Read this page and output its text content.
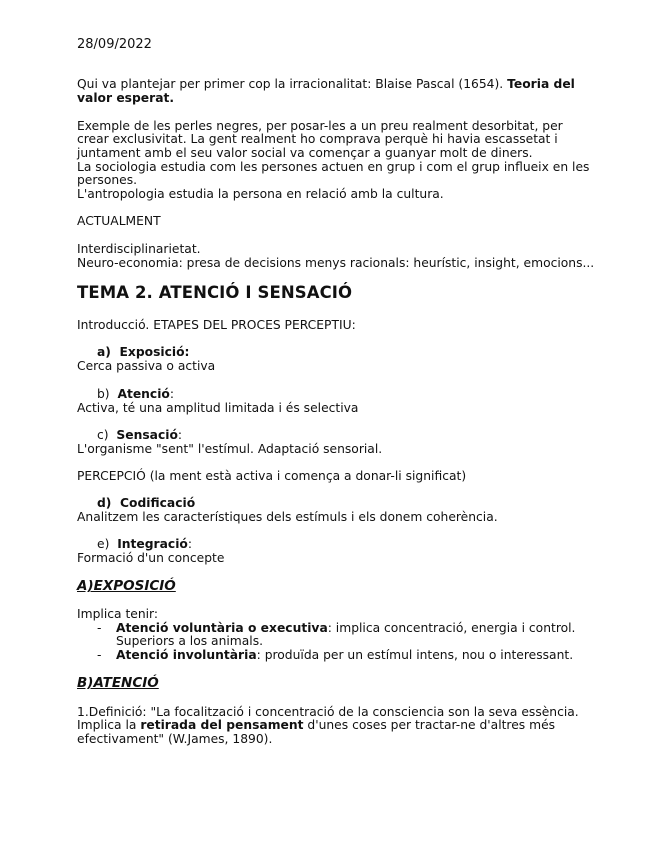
28/09/2022
Qui va plantejar per primer cop la irracionalitat: Blaise Pascal (1654). Teoria del
valor esperat.
Exemple de les perles negres, per posar-les a un preu realment desorbitat, per
crear exclusivitat. La gent realment ho comprava perquè hi havia escassetat i
juntament amb el seu valor social va començar a guanyar molt de diners.
La sociologia estudia com les persones actuen en grup i com el grup influeix en les
persones.
L'antropologia estudia la persona en relació amb la cultura.
ACTUALMENT
Interdisciplinarietat.
Neuro-economia: presa de decisions menys racionals: heurístic, insight, emocions...
TEMA 2. ATENCIÓ I SENSACIÓ
Introducció. ETAPES DEL PROCES PERCEPTIU:
a) Exposició:
Cerca passiva o activa
b) Atenció:
Activa, té una amplitud limitada i és selectiva
c) Sensació:
L'organisme "sent" l'estímul. Adaptació sensorial.
PERCEPCIÓ (la ment està activa i comença a donar-li significat)
d) Codificació
Analitzem les característiques dels estímuls i els donem coherència.
e) Integració:
Formació d'un concepte
A)EXPOSICIÓ
Implica tenir:
- Atenció voluntària o executiva: implica concentració, energia i control.
Superiors a los animals.
- Atenció involuntària: produïda per un estímul intens, nou o interessant.
B)ATENCIÓ
1.Definició: "La focalització i concentració de la consciencia son la seva essència.
Implica la retirada del pensament d'unes coses per tractar-ne d'altres més
efectivament" (W.James, 1890).
